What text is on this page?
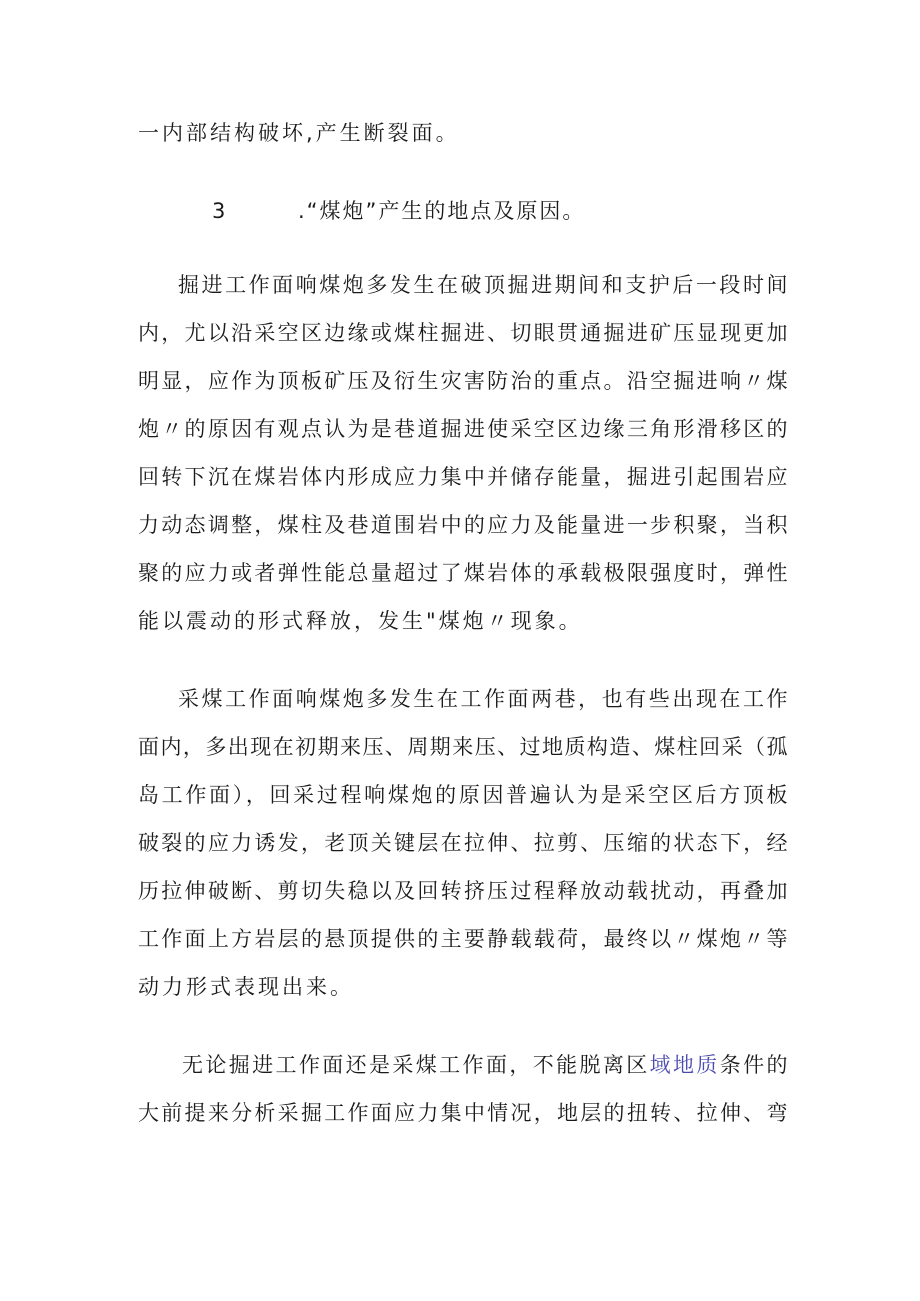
一内部结构破坏,产生断裂面。
3	.“煤炮”产生的地点及原因。
掘进工作面响煤炮多发生在破顶掘进期间和支护后一段时间
内，尤以沿采空区边缘或煤柱掘进、切眼贯通掘进矿压显现更加
明显，应作为顶板矿压及衍生灾害防治的重点。沿空掘进响〃煤
炮〃的原因有观点认为是巷道掘进使采空区边缘三角形滑移区的
回转下沉在煤岩体内形成应力集中并储存能量，掘进引起围岩应
力动态调整，煤柱及巷道围岩中的应力及能量进一步积聚，当积
聚的应力或者弹性能总量超过了煤岩体的承载极限强度时，弹性
能以震动的形式释放，发生"煤炮〃现象。
采煤工作面响煤炮多发生在工作面两巷，也有些出现在工作
面内，多出现在初期来压、周期来压、过地质构造、煤柱回采（孤
岛工作面），回采过程响煤炮的原因普遍认为是采空区后方顶板
破裂的应力诱发，老顶关键层在拉伸、拉剪、压缩的状态下，经
历拉伸破断、剪切失稳以及回转挤压过程释放动载扰动，再叠加
工作面上方岩层的悬顶提供的主要静载载荷，最终以〃煤炮〃等
动力形式表现出来。
无论掘进工作面还是采煤工作面，不能脱离区域地质条件的
大前提来分析采掘工作面应力集中情况，地层的扭转、拉伸、弯
